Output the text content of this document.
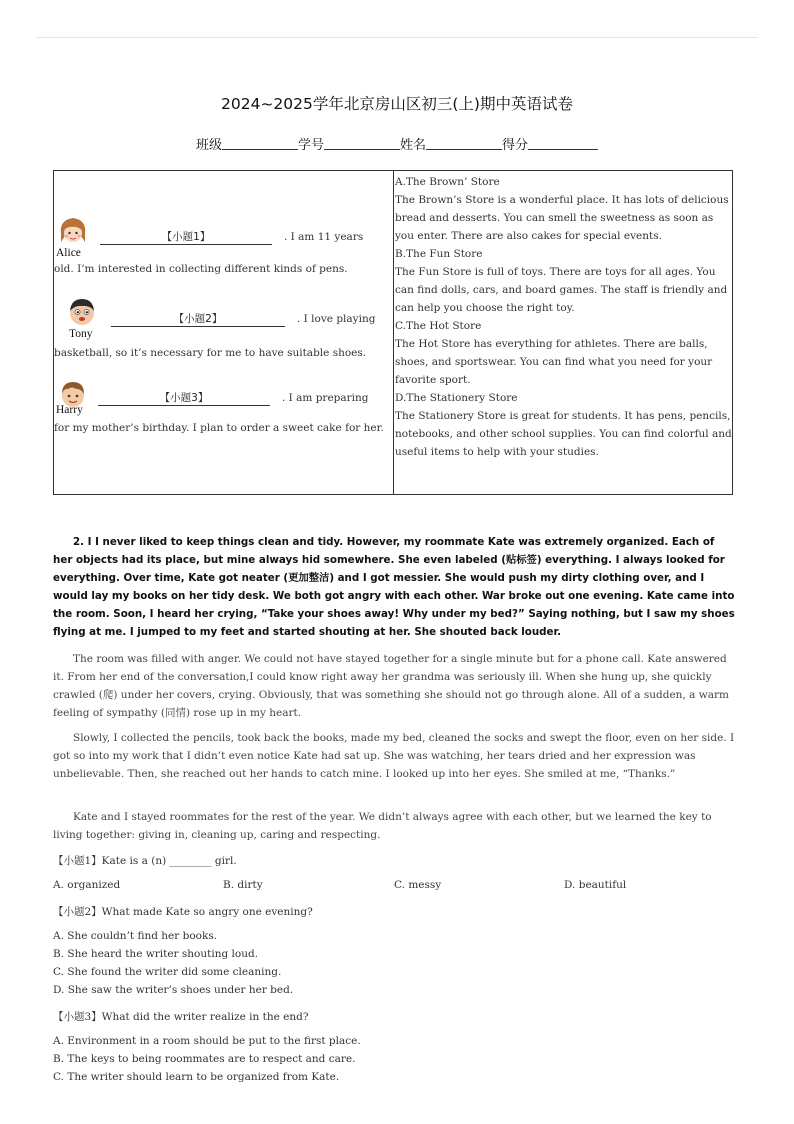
2024~2025学年北京房山区初三(上)期中英语试卷
班级	学号	姓名	得分
Alice
【小题1】	. I am 11 years
old. I’m interested in collecting different kinds of pens.
Tony
【小题2】	. I love playing
basketball, so it’s necessary for me to have suitable shoes.
Harry
【小题3】	. I am preparing
for my mother’s birthday. I plan to order a sweet cake for her.

A.The Brown’ Store

The Brown’s Store is a wonderful place. It has lots of delicious bread and desserts. You can smell the sweetness as soon as you enter. There are also cakes for special events.

B.The Fun Store

The Fun Store is full of toys. There are toys for all ages. You can find dolls, cars, and board games. The staff is friendly and can help you choose the right toy.

C.The Hot Store

The Hot Store has everything for athletes. There are balls, shoes, and sportswear. You can find what you need for your favorite sport.

D.The Stationery Store

The Stationery Store is great for students. It has pens, pencils, notebooks, and other school supplies. You can find colorful and useful items to help with your studies.

2. I I never liked to keep things clean and tidy. However, my roommate Kate was extremely organized. Each of her objects had its place, but mine always hid somewhere. She even labeled (贴标签) everything. I always looked for everything. Over time, Kate got neater (更加整洁) and I got messier. She would push my dirty clothing over, and I would lay my books on her tidy desk. We both got angry with each other. War broke out one evening. Kate came into the room. Soon, I heard her crying, “Take your shoes away! Why under my bed?” Saying nothing, but I saw my shoes flying at me. I jumped to my feet and started shouting at her. She shouted back louder.

The room was filled with anger. We could not have stayed together for a single minute but for a phone call. Kate answered it. From her end of the conversation,I could know right away her grandma was seriously ill. When she hung up, she quickly crawled (爬) under her covers, crying. Obviously, that was something she should not go through alone. All of a sudden, a warm feeling of sympathy (同情) rose up in my heart.

Slowly, I collected the pencils, took back the books, made my bed, cleaned the socks and swept the floor, even on her side. I got so into my work that I didn’t even notice Kate had sat up. She was watching, her tears dried and her expression was unbelievable. Then, she reached out her hands to catch mine. I looked up into her eyes. She smiled at me, “Thanks.”

Kate and I stayed roommates for the rest of the year. We didn’t always agree with each other, but we learned the key to living together: giving in, cleaning up, caring and respecting.

【小题1】Kate is a (n) ________ girl.
A. organized	B. dirty	C. messy	D. beautiful
【小题2】What made Kate so angry one evening?
A. She couldn’t find her books.
B. She heard the writer shouting loud.
C. She found the writer did some cleaning.
D. She saw the writer’s shoes under her bed.
【小题3】What did the writer realize in the end?
A. Environment in a room should be put to the first place.
B. The keys to being roommates are to respect and care.
C. The writer should learn to be organized from Kate.
